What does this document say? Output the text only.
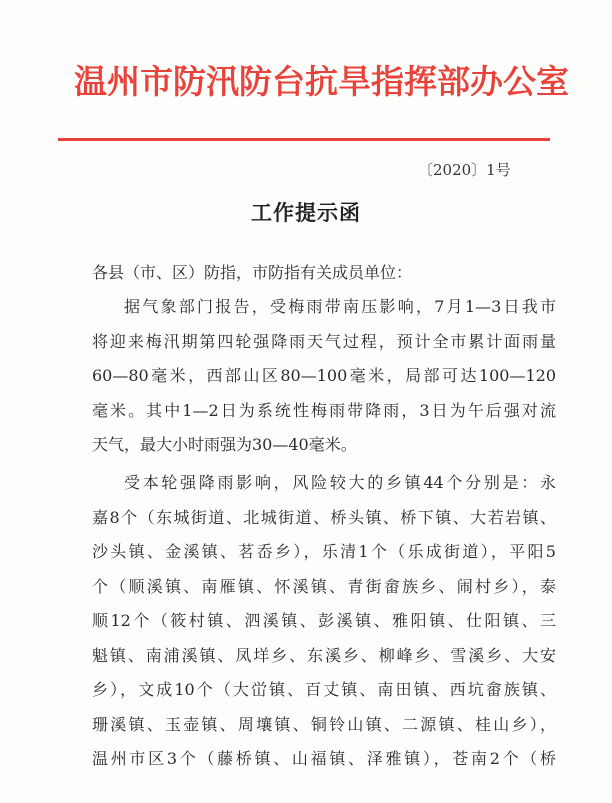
温州市防汛防台抗旱指挥部办公室
〔2020〕1号
工作提示函
各县（市、区）防指，市防指有关成员单位：
据气象部门报告，受梅雨带南压影响，7月1—3日我市
将迎来梅汛期第四轮强降雨天气过程，预计全市累计面雨量
60—80毫米，西部山区80—100毫米，局部可达100—120
毫米。其中1—2日为系统性梅雨带降雨，3日为午后强对流
天气，最大小时雨强为30—40毫米。
受本轮强降雨影响，风险较大的乡镇44个分别是：永
嘉8个（东城街道、北城街道、桥头镇、桥下镇、大若岩镇、
沙头镇、金溪镇、茗岙乡），乐清1个（乐成街道），平阳5
个（顺溪镇、南雁镇、怀溪镇、青街畲族乡、闹村乡），泰
顺12个（筱村镇、泗溪镇、彭溪镇、雅阳镇、仕阳镇、三
魁镇、南浦溪镇、凤垟乡、东溪乡、柳峰乡、雪溪乡、大安
乡），文成10个（大峃镇、百丈镇、南田镇、西坑畲族镇、
珊溪镇、玉壶镇、周壤镇、铜铃山镇、二源镇、桂山乡），
温州市区3个（藤桥镇、山福镇、泽雅镇），苍南2个（桥
